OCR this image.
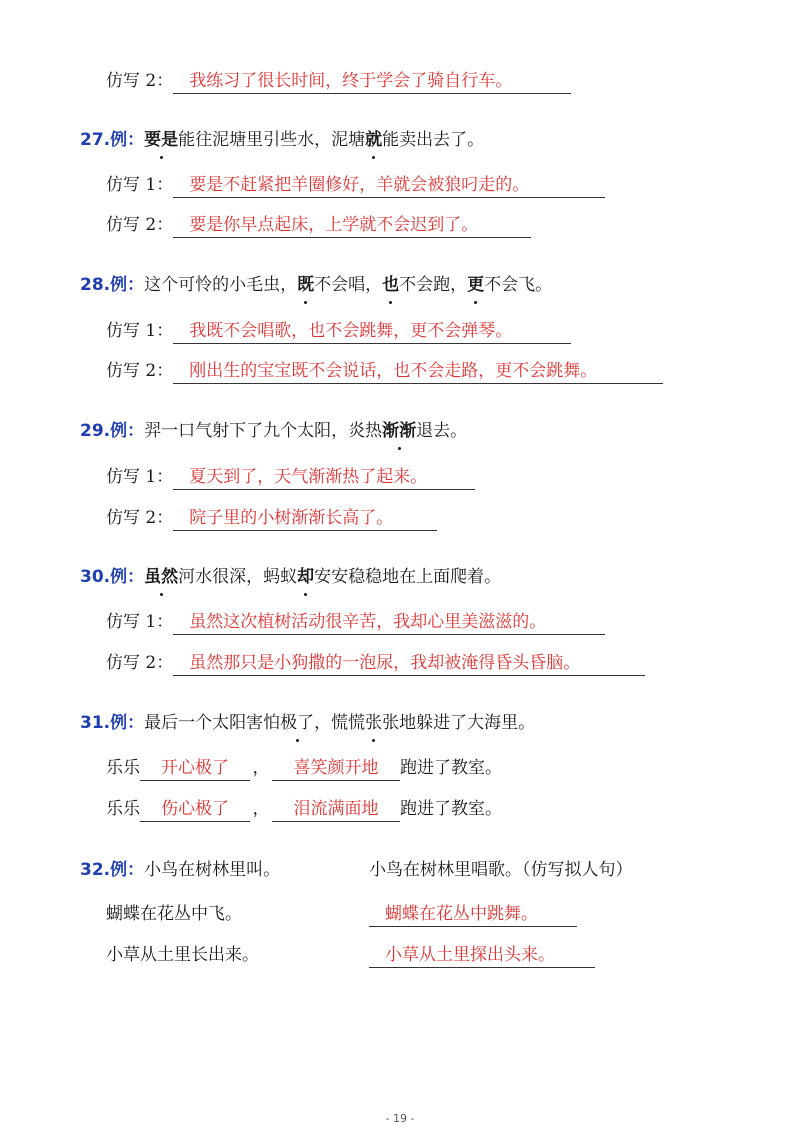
仿写 2： 我练习了很长时间，终于学会了骑自行车。
27.例：要是能往泥塘里引些水，泥塘就能卖出去了。
仿写 1： 要是不赶紧把羊圈修好，羊就会被狼叼走的。
仿写 2： 要是你早点起床，上学就不会迟到了。
28.例：这个可怜的小毛虫，既不会唱，也不会跑，更不会飞。
仿写 1： 我既不会唱歌，也不会跳舞，更不会弹琴。
仿写 2： 刚出生的宝宝既不会说话，也不会走路，更不会跳舞。
29.例：羿一口气射下了九个太阳，炎热渐渐退去。
仿写 1： 夏天到了，天气渐渐热了起来。
仿写 2： 院子里的小树渐渐长高了。
30.例：虽然河水很深，蚂蚁却安安稳稳地在上面爬着。
仿写 1： 虽然这次植树活动很辛苦，我却心里美滋滋的。
仿写 2： 虽然那只是小狗撒的一泡尿，我却被淹得昏头昏脑。
31.例：最后一个太阳害怕极了，慌慌张张地躲进了大海里。
乐乐 开心极了 ， 喜笑颜开地 跑进了教室。
乐乐 伤心极了 ， 泪流满面地 跑进了教室。
32.例：小鸟在树林里叫。	小鸟在树林里唱歌。（仿写拟人句）
蝴蝶在花丛中飞。	蝴蝶在花丛中跳舞。
小草从土里长出来。	小草从土里探出头来。
- 19 -
